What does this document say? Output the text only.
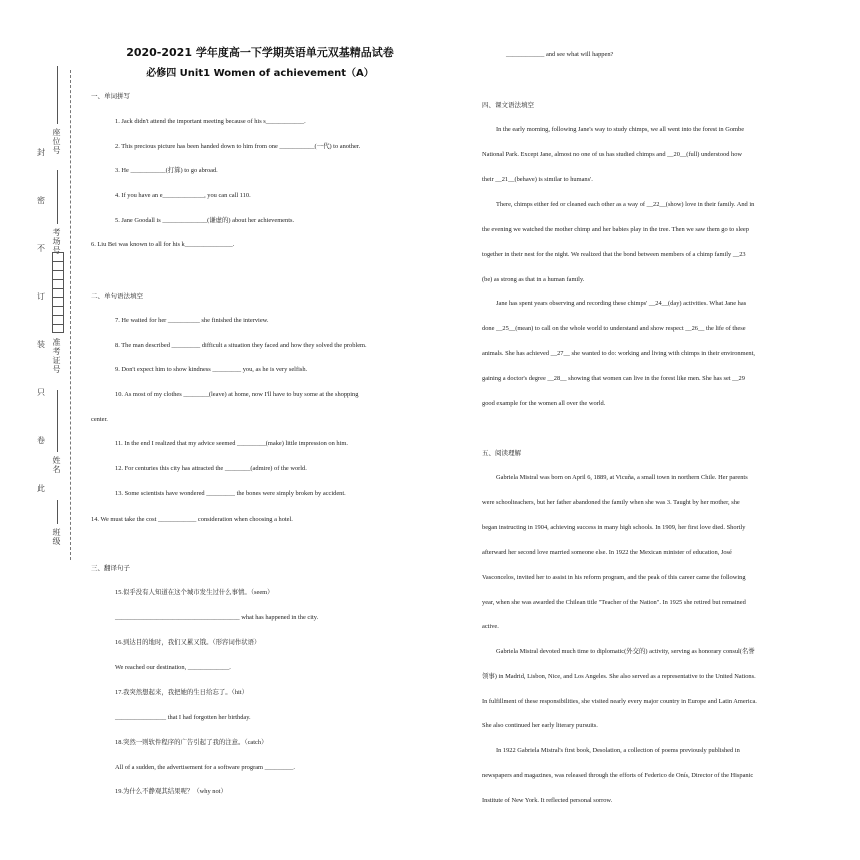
封
密
不
订
装
只
卷
此
座位号
考场号
准考证号
姓名
班级
2020-2021 学年度高一下学期英语单元双基精品试卷
必修四 Unit1 Women of achievement（A）
一、单词拼写
1. Jack didn't attend the important meeting because of his s____________.
2. This precious picture has been handed down to him from one ___________(一代) to another.
3. He ___________(打算) to go abroad.
4. If you have an e_____________, you can call 110.
5. Jane Goodall is ______________(谦虚的) about her achievements.
6. Liu Bei was known to all for his k_______________.
二、单句语法填空
7. He waited for her __________ she finished the interview.
8. The man described _________ difficult a situation they faced and how they solved the problem.
9. Don't expect him to show kindness _________ you, as he is very selfish.
10. As most of my clothes ________(leave) at home, now I'll have to buy some at the shopping
center.
11. In the end I realized that my advice seemed _________(make) little impression on him.
12. For centuries this city has attracted the ________(admire) of the world.
13. Some scientists have wondered _________ the bones were simply broken by accident.
14. We must take the cost ____________ consideration when choosing a hotel.
三、翻译句子
15.似乎没有人知道在这个城市发生过什么事情。（seem）
_______________________________________ what has happened in the city.
16.到达目的地时，我们又累又饿。（形容词作状语）
We reached our destination, _____________.
17.我突然想起来，我把她的生日给忘了。（hit）
________________ that I had forgotten her birthday.
18.突然一则软件程序的广告引起了我的注意。（catch）
All of a sudden, the advertisement for a software program _________.
19.为什么不静观其结果呢？（why not）
____________ and see what will happen?
四、课文语法填空
In the early morning, following Jane's way to study chimps, we all went into the forest in Gombe
National Park. Except Jane, almost no one of us has studied chimps and __20__(full) understood how
their __21__(behave) is similar to humans'.
There, chimps either fed or cleaned each other as a way of __22__(show) love in their family. And in
the evening we watched the mother chimp and her babies play in the tree. Then we saw them go to sleep
together in their nest for the night. We realized that the bond between members of a chimp family __23
(be) as strong as that in a human family.
Jane has spent years observing and recording these chimps' __24__(day) activities. What Jane has
done __25__(mean) to call on the whole world to understand and show respect __26__ the life of these
animals. She has achieved __27__ she wanted to do: working and living with chimps in their environment,
gaining a doctor's degree __28__ showing that women can live in the forest like men. She has set __29
good example for the women all over the world.
五、阅读理解
Gabriela Mistral was born on April 6, 1889, at Vicuña, a small town in northern Chile. Her parents
were schoolteachers, but her father abandoned the family when she was 3. Taught by her mother, she
began instructing in 1904, achieving success in many high schools. In 1909, her first love died. Shortly
afterward her second love married someone else. In 1922 the Mexican minister of education, José
Vasconcelos, invited her to assist in his reform program, and the peak of this career came the following
year, when she was awarded the Chilean title "Teacher of the Nation". In 1925 she retired but remained
active.
Gabriela Mistral devoted much time to diplomatic(外交的) activity, serving as honorary consul(名誉
领事) in Madrid, Lisbon, Nice, and Los Angeles. She also served as a representative to the United Nations.
In fulfillment of these responsibilities, she visited nearly every major country in Europe and Latin America.
She also continued her early literary pursuits.
In 1922 Gabriela Mistral's first book, Desolation, a collection of poems previously published in
newspapers and magazines, was released through the efforts of Federico de Onís, Director of the Hispanic
Institute of New York. It reflected personal sorrow.
